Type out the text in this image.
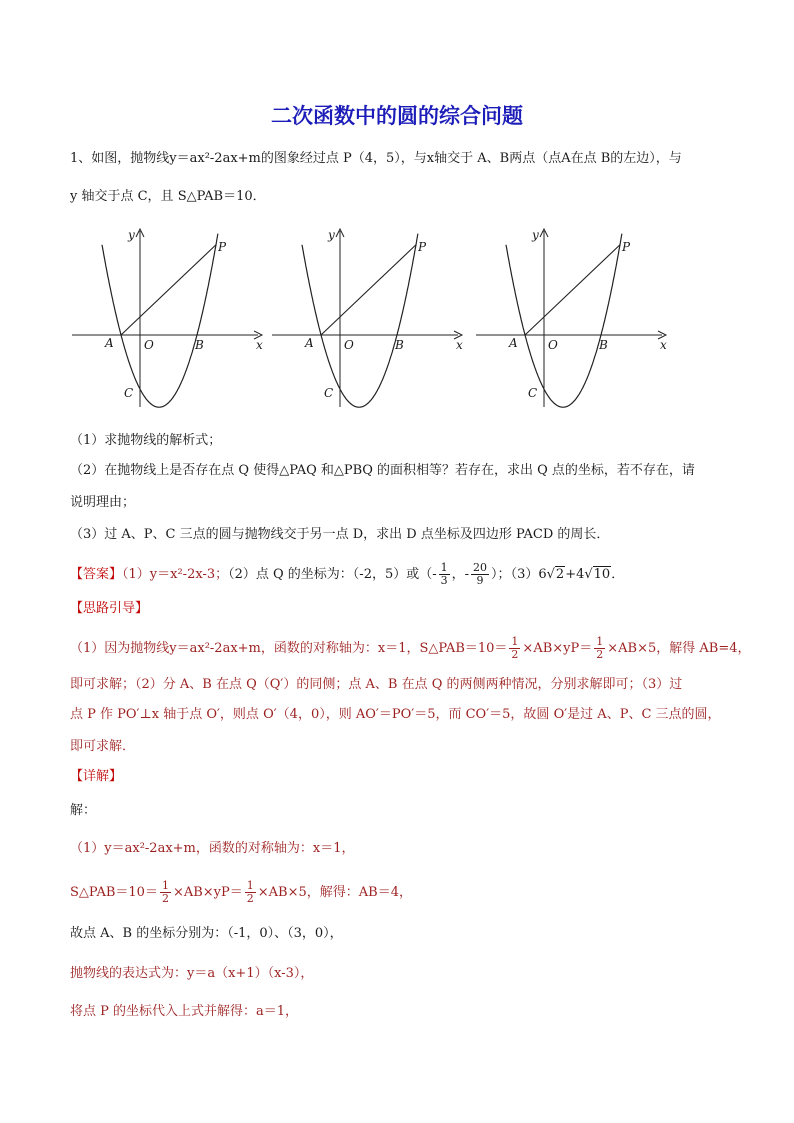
二次函数中的圆的综合问题
1、如图，抛物线y＝ax²-2ax+m的图象经过点 P（4，5），与x轴交于 A、B两点（点A在点 B的左边），与
y 轴交于点 C，且 S△PAB＝10．
y
x
P
A	O	B
C
y
x
P
A	O	B
C
y
x
P
A	O	B
C
（1）求抛物线的解析式；
（2）在抛物线上是否存在点 Q 使得△PAQ 和△PBQ 的面积相等？若存在，求出 Q 点的坐标，若不存在，请
说明理由；
（3）过 A、P、C 三点的圆与抛物线交于另一点 D，求出 D 点坐标及四边形 PACD 的周长．
【答案】（1）y＝x²-2x-3；（2）点 Q 的坐标为：（-2，5）或（- $\frac{1}{3}$ ，- $\frac{20}{9}$ ）；（3）6√2+4√10．
【思路引导】
（1）因为抛物线y＝ax²-2ax+m，函数的对称轴为：x＝1，S△PAB＝10＝ $\frac{1}{2} \times AB\times yP= \frac{1}{2} \times AB\times 5$，解得 AB=4，
即可求解；（2）分 A、B 在点 Q（Q′）的同侧；点 A、B 在点 Q 的两侧两种情况，分别求解即可；（3）过
点 P 作 PO′⊥x 轴于点 O′，则点 O′（4，0），则 AO′＝PO′＝5，而 CO′＝5，故圆 O′是过 A、P、C 三点的圆，
即可求解．
【详解】
解：
（1）y＝ax²-2ax+m，函数的对称轴为：x＝1，
S△PAB＝10＝ $\frac{1}{2} \times AB\times yP= \frac{1}{2} \times AB\times 5$，解得：AB＝4，
故点 A、B 的坐标分别为：（-1，0）、（3，0），
抛物线的表达式为：y＝a（x+1）（x-3），
将点 P 的坐标代入上式并解得：a＝1，
